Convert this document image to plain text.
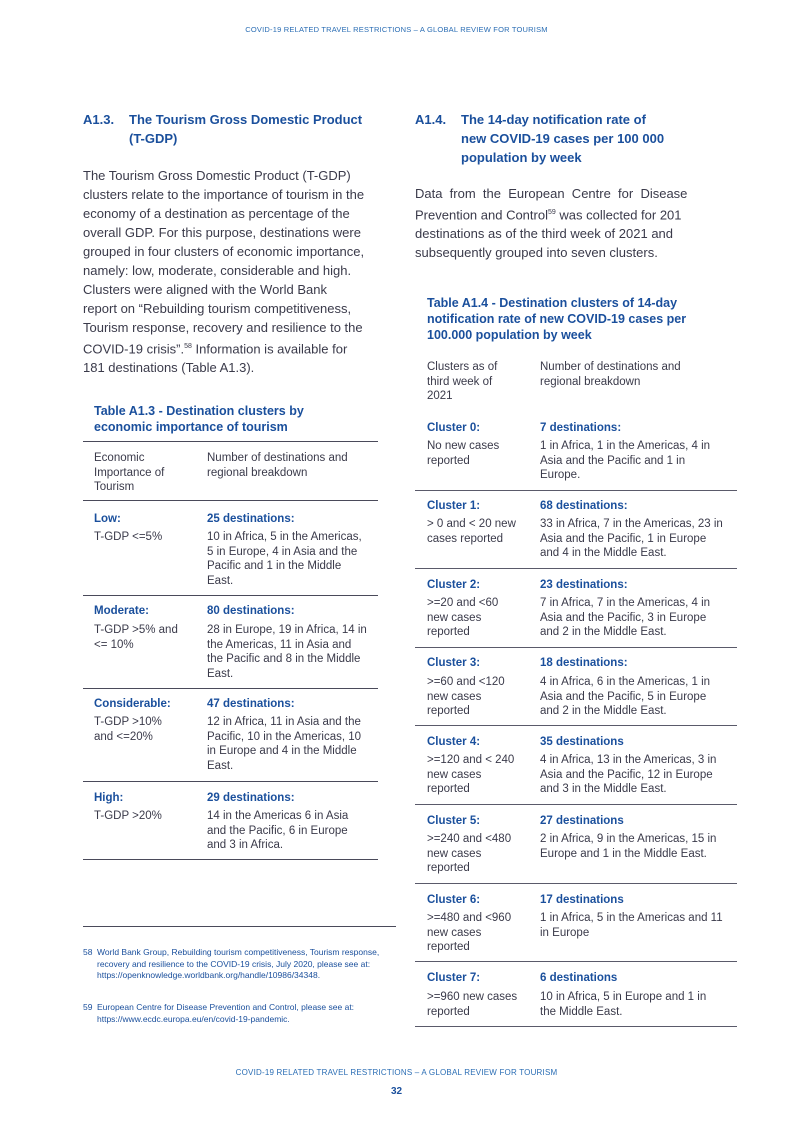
COVID-19 RELATED TRAVEL RESTRICTIONS – A GLOBAL REVIEW FOR TOURISM
COVID-19 RELATED TRAVEL RESTRICTIONS – A GLOBAL REVIEW FOR TOURISM
32
A1.3. The Tourism Gross Domestic Product
(T-GDP)
The Tourism Gross Domestic Product (T-GDP)
clusters relate to the importance of tourism in the
economy of a destination as percentage of the
overall GDP. For this purpose, destinations were
grouped in four clusters of economic importance,
namely: low, moderate, considerable and high.
Clusters were aligned with the World Bank
report on “Rebuilding tourism competitiveness,
Tourism response, recovery and resilience to the
COVID-19 crisis”.$^{58}$ Information is available for
181 destinations (Table A1.3).
Table A1.3 - Destination clusters by
economic importance of tourism
Economic Importance of Tourism
Number of destinations and regional breakdown
Low:
T-GDP <=5%
25 destinations:
10 in Africa, 5 in the Americas, 5 in Europe, 4 in Asia and the Pacific and 1 in the Middle East.
Moderate:
T-GDP >5% and <= 10%
80 destinations:
28 in Europe, 19 in Africa, 14 in the Americas, 11 in Asia and the Pacific and 8 in the Middle East.
Considerable:
T-GDP >10% and <=20%
47 destinations:
12 in Africa, 11 in Asia and the Pacific, 10 in the Americas, 10 in Europe and 4 in the Middle East.
High:
T-GDP >20%
29 destinations:
14 in the Americas 6 in Asia and the Pacific, 6 in Europe and 3 in Africa.
58 World Bank Group, Rebuilding tourism competitiveness, Tourism response, recovery and resilience to the COVID-19 crisis, July 2020, please see at: https://openknowledge.worldbank.org/handle/10986/34348.
59 European Centre for Disease Prevention and Control, please see at: https://www.ecdc.europa.eu/en/covid-19-pandemic.
A1.4. The 14-day notification rate of
new COVID-19 cases per 100 000
population by week
Data  from  the  European  Centre  for  Disease
Prevention and Control$^{59}$ was collected for 201
destinations as of the third week of 2021 and
subsequently grouped into seven clusters.
Table A1.4 - Destination clusters of 14-day
notification rate of new COVID-19 cases per
100.000 population by week
Clusters as of third week of 2021
Number of destinations and regional breakdown
Cluster 0:
No new cases reported
7 destinations:
1 in Africa, 1 in the Americas, 4 in Asia and the Pacific and 1 in Europe.
Cluster 1:
> 0 and < 20 new cases reported
68 destinations:
33 in Africa, 7 in the Americas, 23 in Asia and the Pacific, 1 in Europe and 4 in the Middle East.
Cluster 2:
>=20 and <60 new cases reported
23 destinations:
7 in Africa, 7 in the Americas, 4 in Asia and the Pacific, 3 in Europe and 2 in the Middle East.
Cluster 3:
>=60 and <120 new cases reported
18 destinations:
4 in Africa, 6 in the Americas, 1 in Asia and the Pacific, 5 in Europe and 2 in the Middle East.
Cluster 4:
>=120 and < 240 new cases reported
35 destinations
4 in Africa, 13 in the Americas, 3 in Asia and the Pacific, 12 in Europe and 3 in the Middle East.
Cluster 5:
>=240 and <480 new cases reported
27 destinations
2 in Africa, 9 in the Americas, 15 in Europe and 1 in the Middle East.
Cluster 6:
>=480 and <960 new cases reported
17 destinations
1 in Africa, 5 in the Americas and 11 in Europe
Cluster 7:
>=960 new cases reported
6 destinations
10 in Africa, 5 in Europe and 1 in the Middle East.
